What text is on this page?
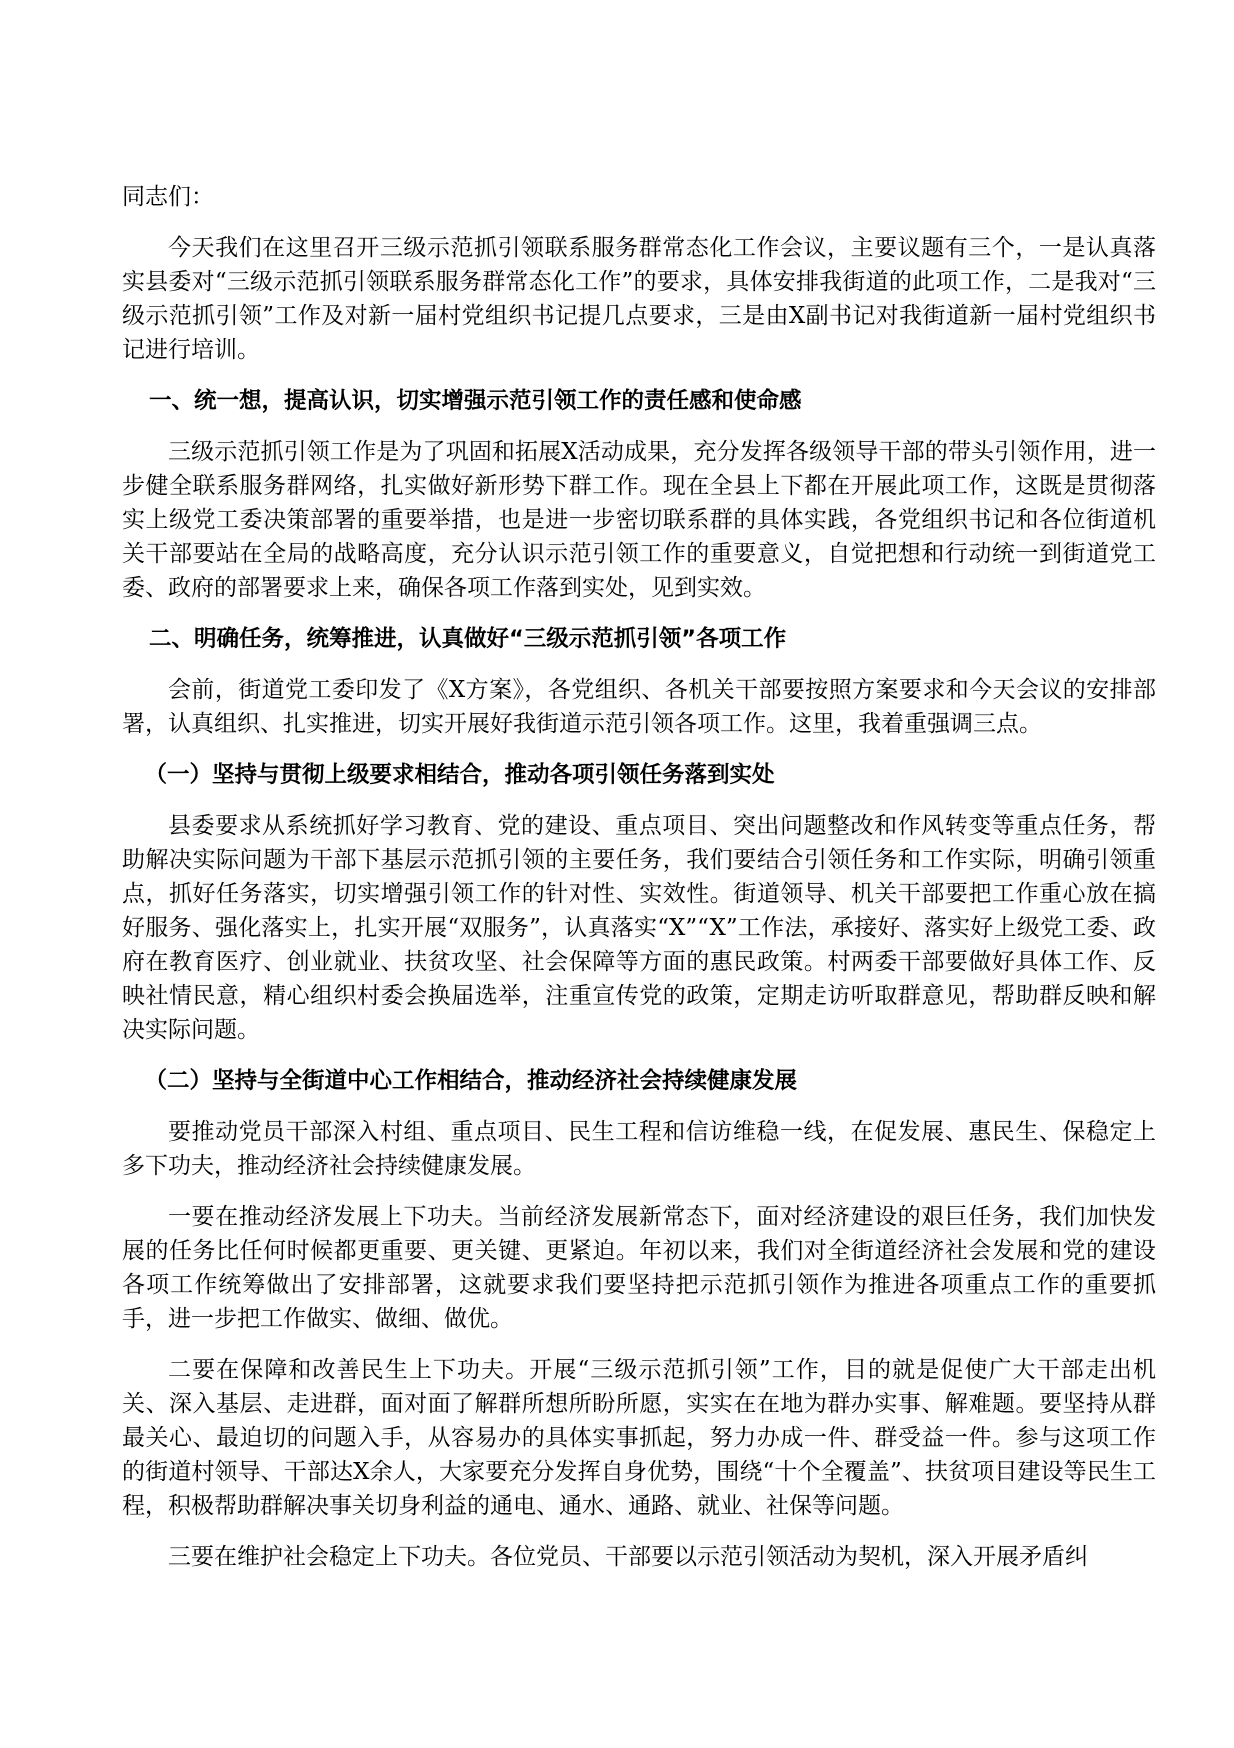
同志们：

今天我们在这里召开三级示范抓引领联系服务群常态化工作会议，主要议题有三个，一是认真落实县委对“三级示范抓引领联系服务群常态化工作”的要求，具体安排我街道的此项工作，二是我对“三级示范抓引领”工作及对新一届村党组织书记提几点要求，三是由X副书记对我街道新一届村党组织书记进行培训。

一、统一想，提高认识，切实增强示范引领工作的责任感和使命感

三级示范抓引领工作是为了巩固和拓展X活动成果，充分发挥各级领导干部的带头引领作用，进一步健全联系服务群网络，扎实做好新形势下群工作。现在全县上下都在开展此项工作，这既是贯彻落实上级党工委决策部署的重要举措，也是进一步密切联系群的具体实践，各党组织书记和各位街道机关干部要站在全局的战略高度，充分认识示范引领工作的重要意义，自觉把想和行动统一到街道党工委、政府的部署要求上来，确保各项工作落到实处，见到实效。

二、明确任务，统筹推进，认真做好“三级示范抓引领”各项工作

会前，街道党工委印发了《X方案》，各党组织、各机关干部要按照方案要求和今天会议的安排部署，认真组织、扎实推进，切实开展好我街道示范引领各项工作。这里，我着重强调三点。

（一）坚持与贯彻上级要求相结合，推动各项引领任务落到实处

县委要求从系统抓好学习教育、党的建设、重点项目、突出问题整改和作风转变等重点任务，帮助解决实际问题为干部下基层示范抓引领的主要任务，我们要结合引领任务和工作实际，明确引领重点，抓好任务落实，切实增强引领工作的针对性、实效性。街道领导、机关干部要把工作重心放在搞好服务、强化落实上，扎实开展“双服务”，认真落实“X”“X”工作法，承接好、落实好上级党工委、政府在教育医疗、创业就业、扶贫攻坚、社会保障等方面的惠民政策。村两委干部要做好具体工作、反映社情民意，精心组织村委会换届选举，注重宣传党的政策，定期走访听取群意见，帮助群反映和解决实际问题。

（二）坚持与全街道中心工作相结合，推动经济社会持续健康发展

要推动党员干部深入村组、重点项目、民生工程和信访维稳一线，在促发展、惠民生、保稳定上多下功夫，推动经济社会持续健康发展。

一要在推动经济发展上下功夫。当前经济发展新常态下，面对经济建设的艰巨任务，我们加快发展的任务比任何时候都更重要、更关键、更紧迫。年初以来，我们对全街道经济社会发展和党的建设各项工作统筹做出了安排部署，这就要求我们要坚持把示范抓引领作为推进各项重点工作的重要抓手，进一步把工作做实、做细、做优。

二要在保障和改善民生上下功夫。开展“三级示范抓引领”工作，目的就是促使广大干部走出机关、深入基层、走进群，面对面了解群所想所盼所愿，实实在在地为群办实事、解难题。要坚持从群最关心、最迫切的问题入手，从容易办的具体实事抓起，努力办成一件、群受益一件。参与这项工作的街道村领导、干部达X余人，大家要充分发挥自身优势，围绕“十个全覆盖”、扶贫项目建设等民生工程，积极帮助群解决事关切身利益的通电、通水、通路、就业、社保等问题。

三要在维护社会稳定上下功夫。各位党员、干部要以示范引领活动为契机，深入开展矛盾纠
